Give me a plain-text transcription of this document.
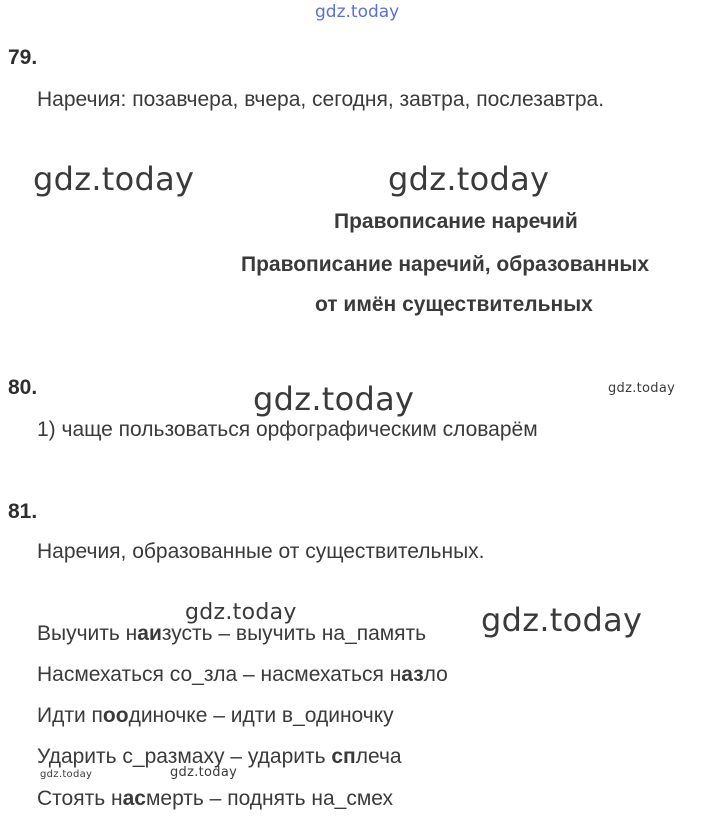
gdz.today
79.
Наречия: позавчера, вчера, сегодня, завтра, послезавтра.
gdz.today	gdz.today
Правописание наречий
Правописание наречий, образованных
от имён существительных
80.	gdz.today	gdz.today
1) чаще пользоваться орфографическим словарём
81.
Наречия, образованные от существительных.
gdz.today	gdz.today
Выучить наизусть – выучить на_память
Насмехаться со_зла – насмехаться назло
Идти поодиночке – идти в_одиночку
Ударить с_размаху – ударить сплеча
gdz.today	gdz.today
Стоять насмерть – поднять на_смех
